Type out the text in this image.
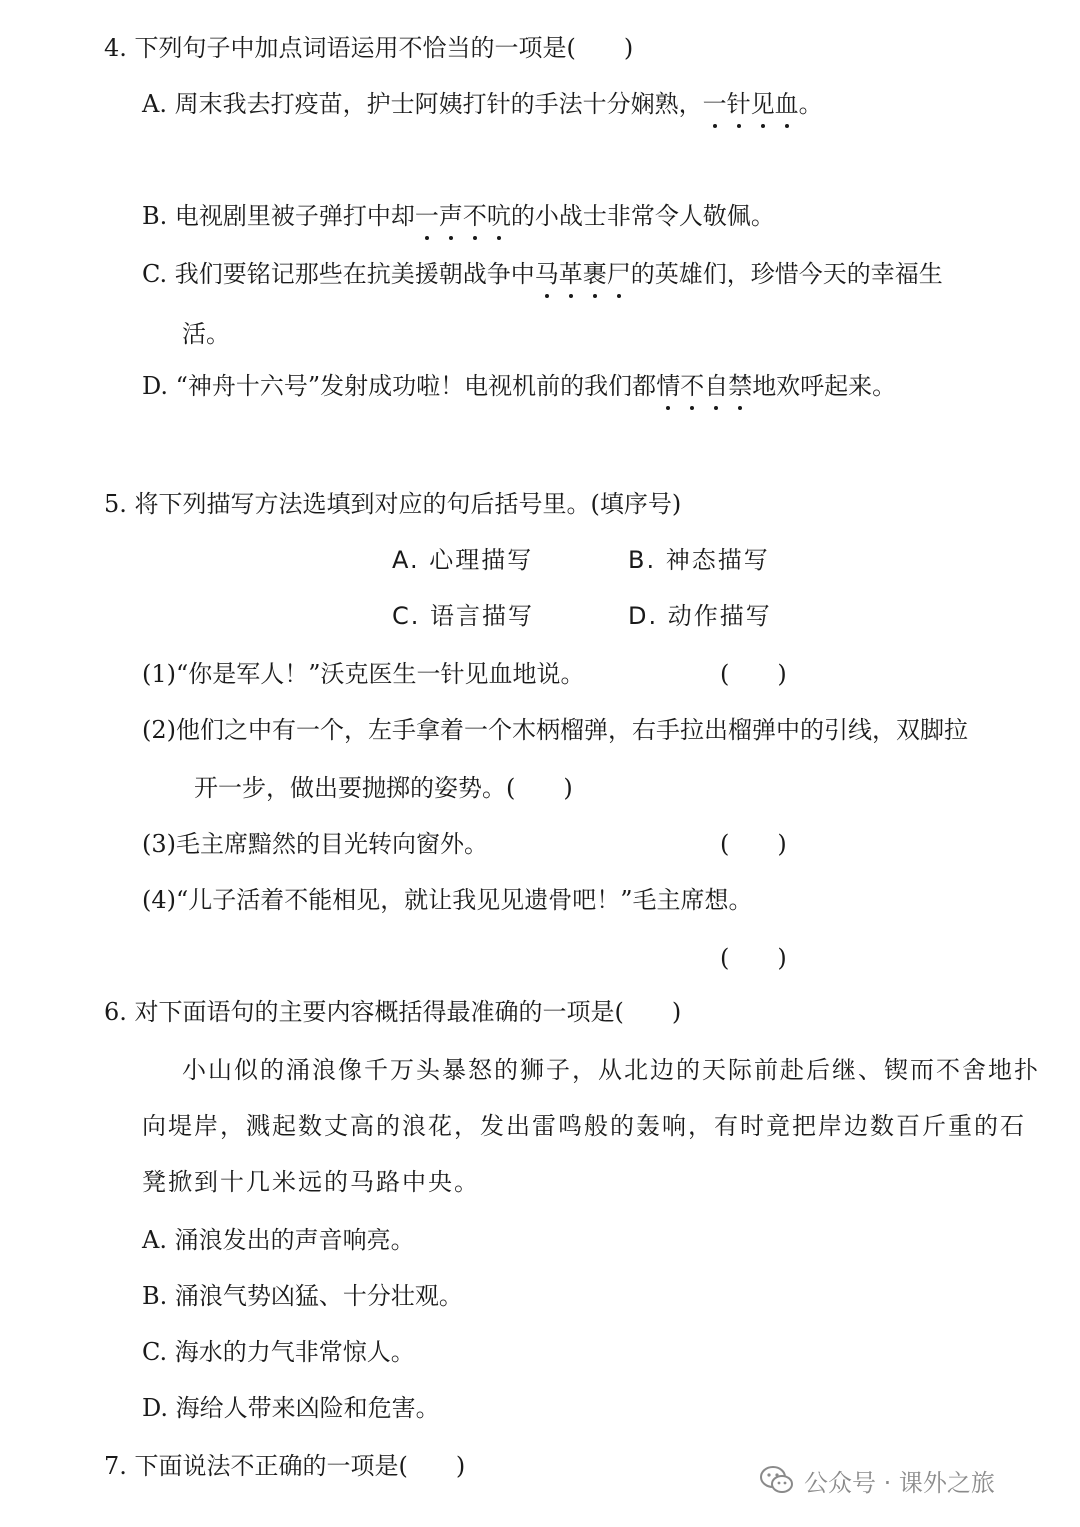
4. 下列句子中加点词语运用不恰当的一项是(　　)
A. 周末我去打疫苗，护士阿姨打针的手法十分娴熟，一针见血。
B. 电视剧里被子弹打中却一声不吭的小战士非常令人敬佩。
C. 我们要铭记那些在抗美援朝战争中马革裹尸的英雄们，珍惜今天的幸福生
活。
D. “神舟十六号”发射成功啦！电视机前的我们都情不自禁地欢呼起来。
5. 将下列描写方法选填到对应的句后括号里。(填序号)
A. 心理描写	B. 神态描写
C. 语言描写	D. 动作描写
(1)“你是军人！”沃克医生一针见血地说。	(　　)
(2)他们之中有一个，左手拿着一个木柄榴弹，右手拉出榴弹中的引线，双脚拉
开一步，做出要抛掷的姿势。(　　)
(3)毛主席黯然的目光转向窗外。	(　　)
(4)“儿子活着不能相见，就让我见见遗骨吧！”毛主席想。
(　　)
6. 对下面语句的主要内容概括得最准确的一项是(　　)
小山似的涌浪像千万头暴怒的狮子，从北边的天际前赴后继、锲而不舍地扑
向堤岸，溅起数丈高的浪花，发出雷鸣般的轰响，有时竟把岸边数百斤重的石
凳掀到十几米远的马路中央。
A. 涌浪发出的声音响亮。
B. 涌浪气势凶猛、十分壮观。
C. 海水的力气非常惊人。
D. 海给人带来凶险和危害。
7. 下面说法不正确的一项是(　　)
公众号 · 课外之旅
